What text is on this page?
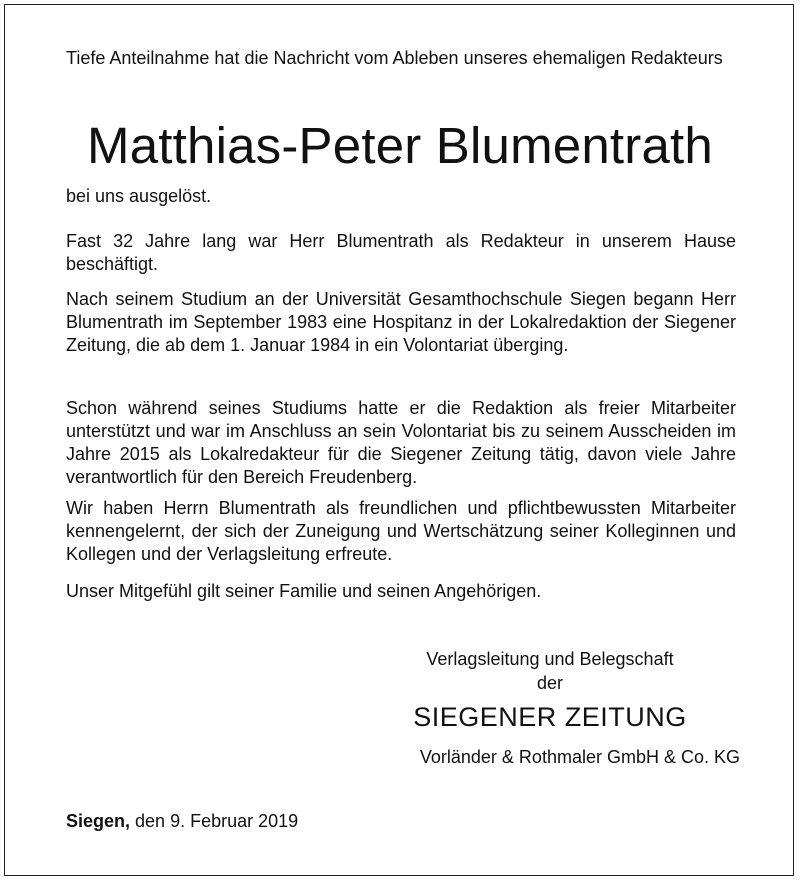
Tiefe Anteilnahme hat die Nachricht vom Ableben unseres ehemaligen Redakteurs
Matthias-Peter Blumentrath
bei uns ausgelöst.

Fast 32 Jahre lang war Herr Blumentrath als Redakteur in unserem Hause beschäftigt.

Nach seinem Studium an der Universität Gesamthochschule Siegen begann Herr Blumentrath im September 1983 eine Hospitanz in der Lokalredaktion der Siegener Zeitung, die ab dem 1. Januar 1984 in ein Volontariat überging.

Schon während seines Studiums hatte er die Redaktion als freier Mitarbeiter unterstützt und war im Anschluss an sein Volontariat bis zu seinem Ausscheiden im Jahre 2015 als Lokalredakteur für die Siegener Zeitung tätig, davon viele Jahre verantwortlich für den Bereich Freudenberg.

Wir haben Herrn Blumentrath als freundlichen und pflichtbewussten Mitarbeiter kennengelernt, der sich der Zuneigung und Wertschätzung seiner Kolleginnen und Kollegen und der Verlagsleitung erfreute.

Unser Mitgefühl gilt seiner Familie und seinen Angehörigen.

Verlagsleitung und Belegschaft
der
SIEGENER ZEITUNG
Vorländer & Rothmaler GmbH & Co. KG
Siegen, den 9. Februar 2019
